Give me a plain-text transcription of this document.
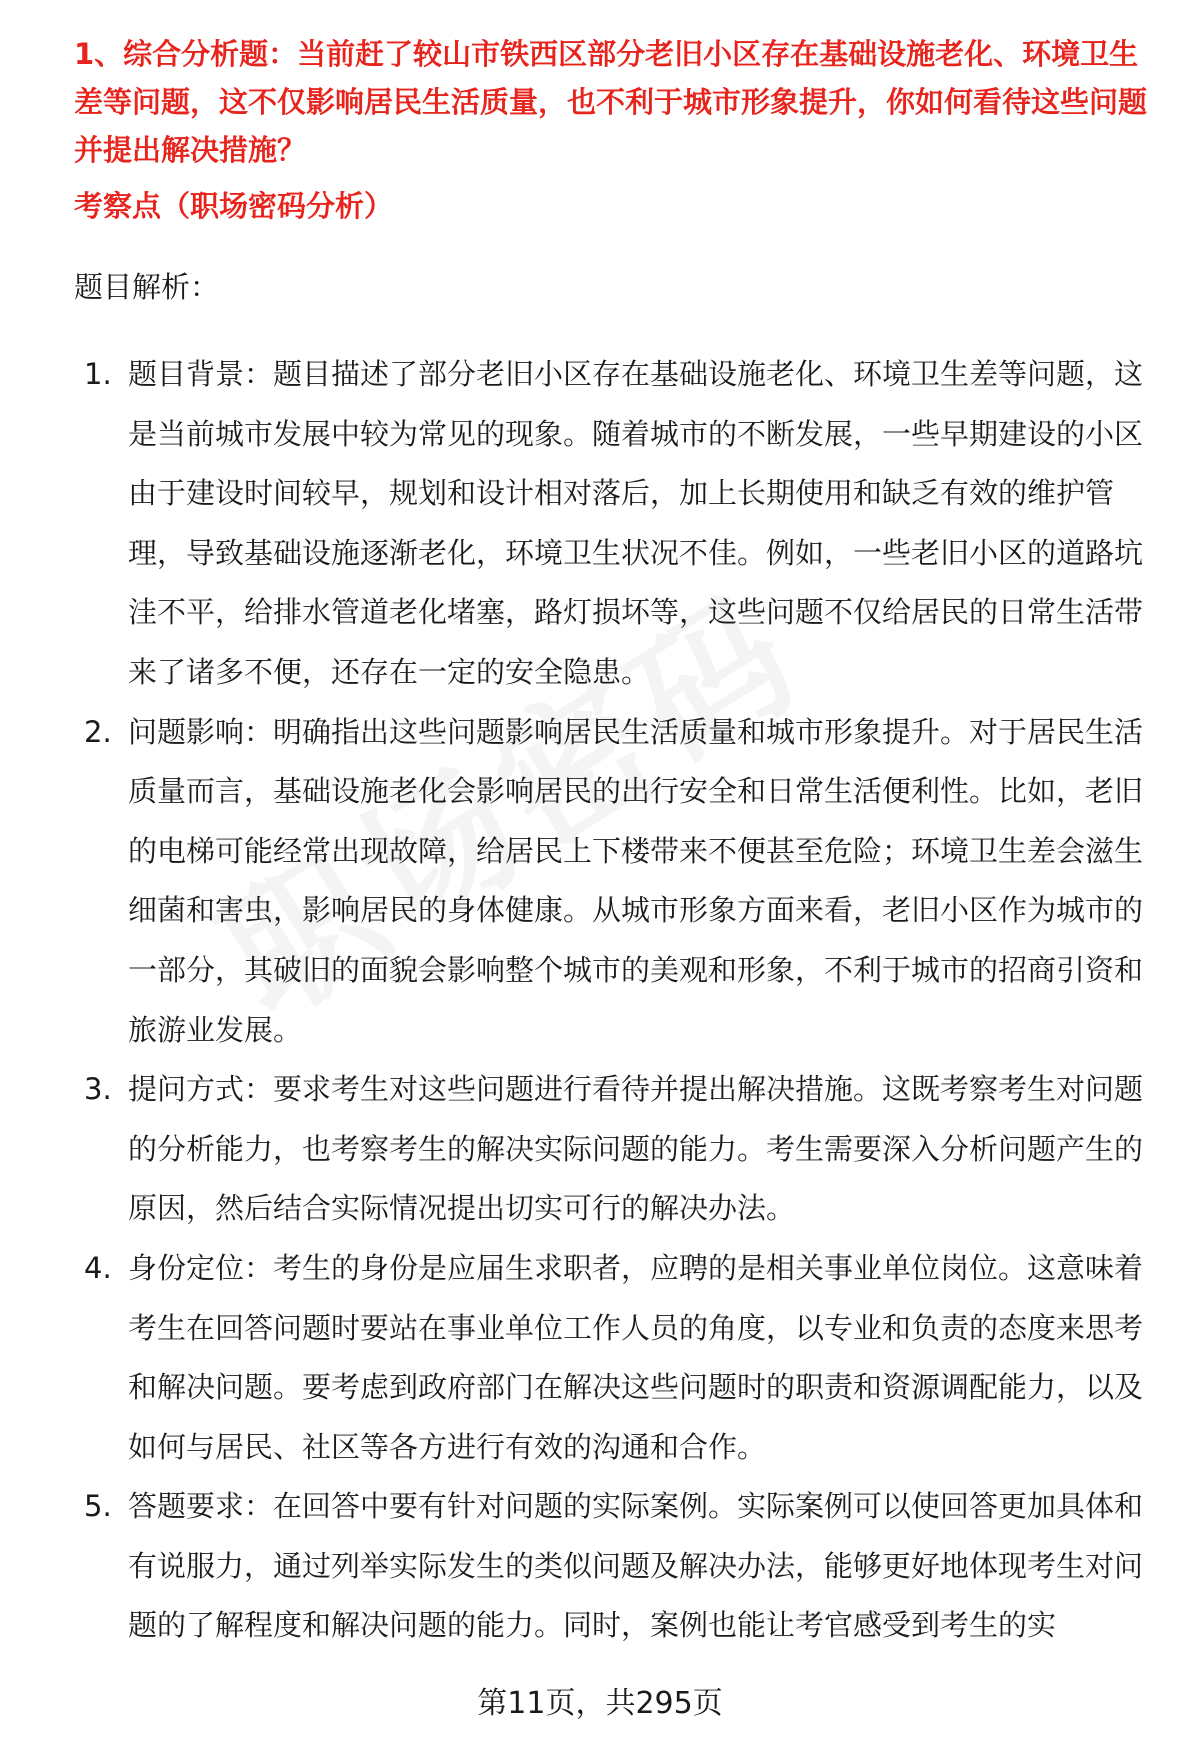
1、综合分析题：当前赶了较山市铁西区部分老旧小区存在基础设施老化、环境卫生差等问题，这不仅影响居民生活质量，也不利于城市形象提升，你如何看待这些问题并提出解决措施？

考察点（职场密码分析）

题目解析：

1. 题目背景：题目描述了部分老旧小区存在基础设施老化、环境卫生差等问题，这是当前城市发展中较为常见的现象。随着城市的不断发展，一些早期建设的小区由于建设时间较早，规划和设计相对落后，加上长期使用和缺乏有效的维护管理，导致基础设施逐渐老化，环境卫生状况不佳。例如，一些老旧小区的道路坑洼不平，给排水管道老化堵塞，路灯损坏等，这些问题不仅给居民的日常生活带来了诸多不便，还存在一定的安全隐患。
2. 问题影响：明确指出这些问题影响居民生活质量和城市形象提升。对于居民生活质量而言，基础设施老化会影响居民的出行安全和日常生活便利性。比如，老旧的电梯可能经常出现故障，给居民上下楼带来不便甚至危险；环境卫生差会滋生细菌和害虫，影响居民的身体健康。从城市形象方面来看，老旧小区作为城市的一部分，其破旧的面貌会影响整个城市的美观和形象，不利于城市的招商引资和旅游业发展。
3. 提问方式：要求考生对这些问题进行看待并提出解决措施。这既考察考生对问题的分析能力，也考察考生的解决实际问题的能力。考生需要深入分析问题产生的原因，然后结合实际情况提出切实可行的解决办法。
4. 身份定位：考生的身份是应届生求职者，应聘的是相关事业单位岗位。这意味着考生在回答问题时要站在事业单位工作人员的角度，以专业和负责的态度来思考和解决问题。要考虑到政府部门在解决这些问题时的职责和资源调配能力，以及如何与居民、社区等各方进行有效的沟通和合作。
5. 答题要求：在回答中要有针对问题的实际案例。实际案例可以使回答更加具体和有说服力，通过列举实际发生的类似问题及解决办法，能够更好地体现考生对问题的了解程度和解决问题的能力。同时，案例也能让考官感受到考生的实
第11页，共295页
